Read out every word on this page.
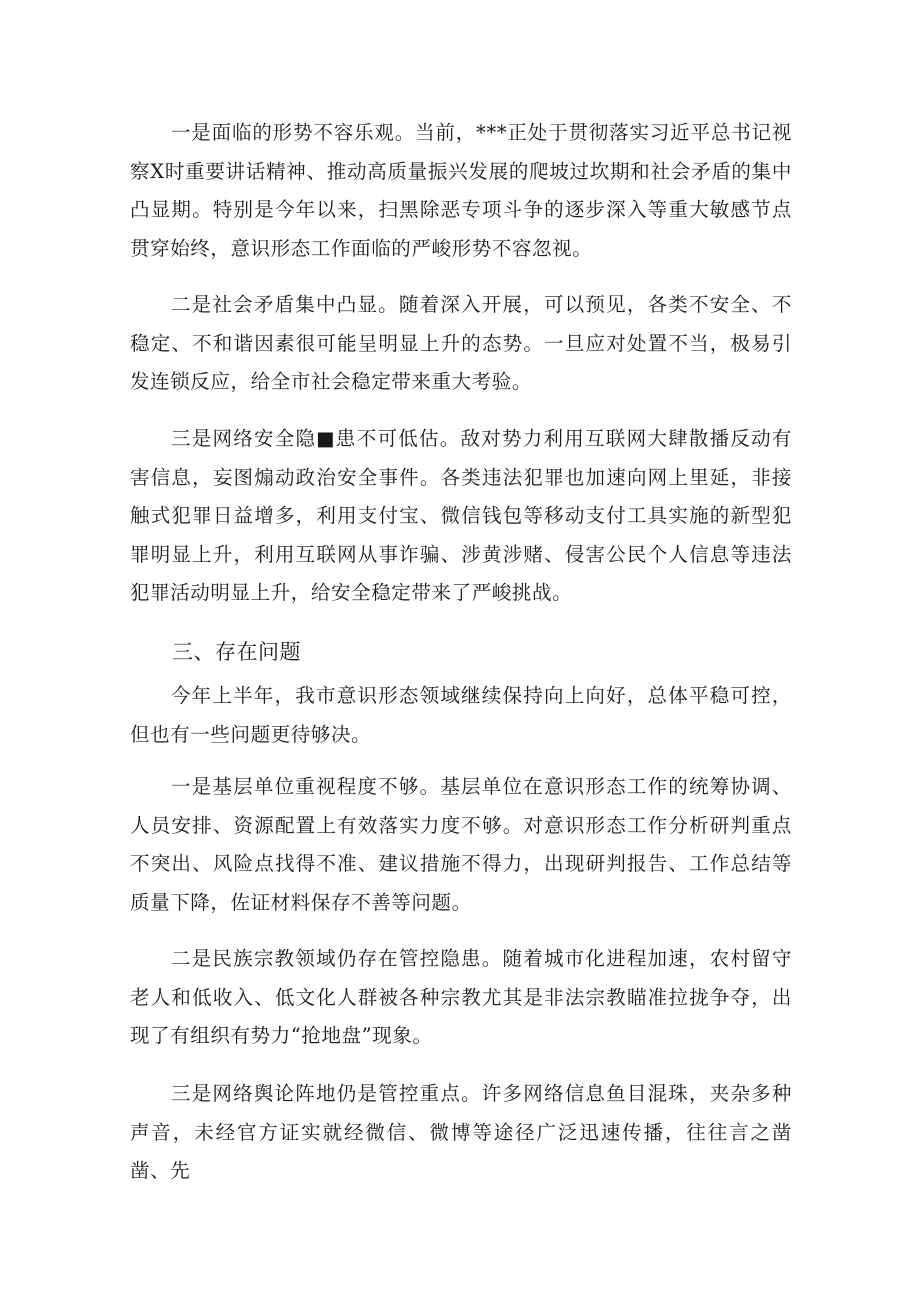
一是面临的形势不容乐观。当前，***正处于贯彻落实习近平总书记视察X时重要讲话精神、推动高质量振兴发展的爬坡过坎期和社会矛盾的集中凸显期。特别是今年以来，扫黑除恶专项斗争的逐步深入等重大敏感节点贯穿始终，意识形态工作面临的严峻形势不容忽视。

二是社会矛盾集中凸显。随着深入开展，可以预见，各类不安全、不稳定、不和谐因素很可能呈明显上升的态势。一旦应对处置不当，极易引发连锁反应，给全市社会稳定带来重大考验。

三是网络安全隐■患不可低估。敌对势力利用互联网大肆散播反动有害信息，妄图煽动政治安全事件。各类违法犯罪也加速向网上里延，非接触式犯罪日益增多，利用支付宝、微信钱包等移动支付工具实施的新型犯罪明显上升，利用互联网从事诈骗、涉黄涉赌、侵害公民个人信息等违法犯罪活动明显上升，给安全稳定带来了严峻挑战。

三、存在问题

今年上半年，我市意识形态领域继续保持向上向好，总体平稳可控，但也有一些问题更待够决。

一是基层单位重视程度不够。基层单位在意识形态工作的统筹协调、人员安排、资源配置上有效落实力度不够。对意识形态工作分析研判重点不突出、风险点找得不准、建议措施不得力，出现研判报告、工作总结等质量下降，佐证材料保存不善等问题。

二是民族宗教领域仍存在管控隐患。随着城市化进程加速，农村留守老人和低收入、低文化人群被各种宗教尤其是非法宗教瞄准拉拢争夺，出现了有组织有势力“抢地盘”现象。

三是网络舆论阵地仍是管控重点。许多网络信息鱼目混珠，夹杂多种声音，未经官方证实就经微信、微博等途径广泛迅速传播，往往言之凿凿、先
